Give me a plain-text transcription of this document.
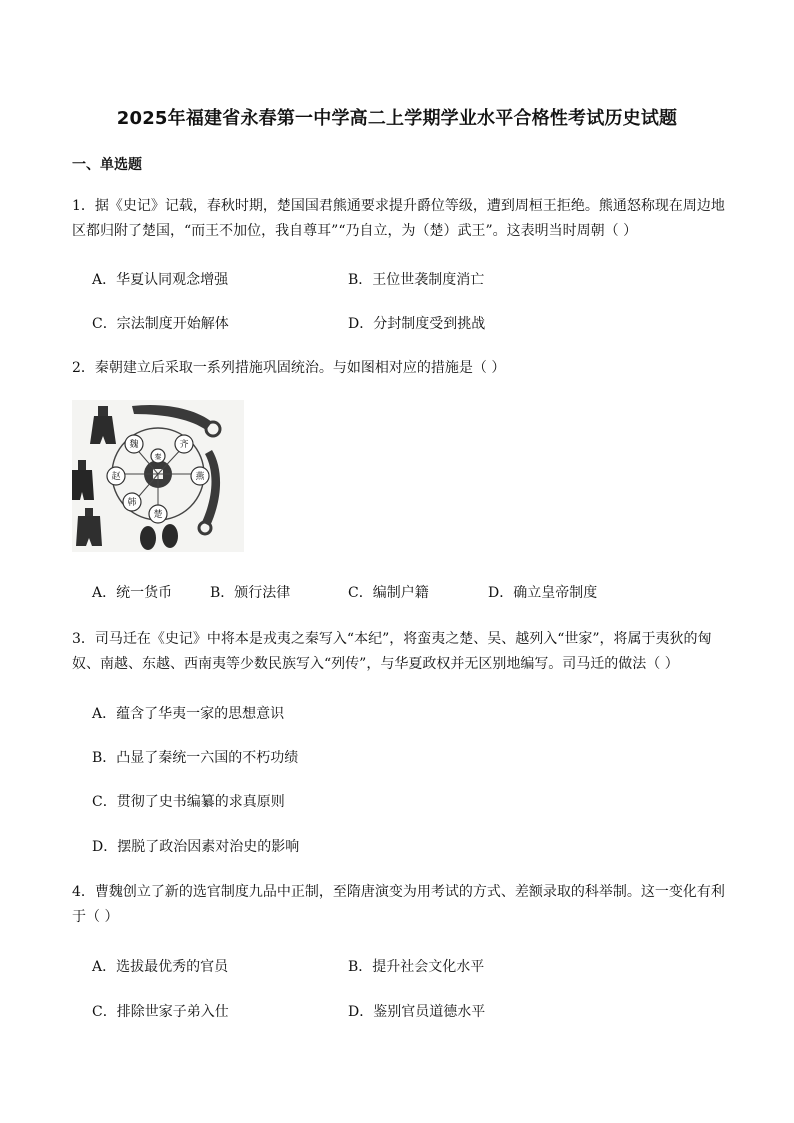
2025年福建省永春第一中学高二上学期学业水平合格性考试历史试题
一、单选题
1．据《史记》记载，春秋时期，楚国国君熊通要求提升爵位等级，遭到周桓王拒绝。熊通怒称现在周边地区都归附了楚国，“而王不加位，我自尊耳”“乃自立，为（楚）武王”。这表明当时周朝（ ）
A．华夏认同观念增强	B．王位世袭制度消亡
C．宗法制度开始解体	D．分封制度受到挑战
2．秦朝建立后采取一系列措施巩固统治。与如图相对应的措施是（ ）
魏	齐
赵	燕
韩
楚
秦
A．统一货币	B．颁行法律	C．编制户籍	D．确立皇帝制度
3．司马迁在《史记》中将本是戎夷之秦写入“本纪”，将蛮夷之楚、吴、越列入“世家”，将属于夷狄的匈奴、南越、东越、西南夷等少数民族写入“列传”，与华夏政权并无区别地编写。司马迁的做法（ ）
A．蕴含了华夷一家的思想意识
B．凸显了秦统一六国的不朽功绩
C．贯彻了史书编纂的求真原则
D．摆脱了政治因素对治史的影响
4．曹魏创立了新的选官制度九品中正制，至隋唐演变为用考试的方式、差额录取的科举制。这一变化有利于（ ）
A．选拔最优秀的官员	B．提升社会文化水平
C．排除世家子弟入仕	D．鉴别官员道德水平
